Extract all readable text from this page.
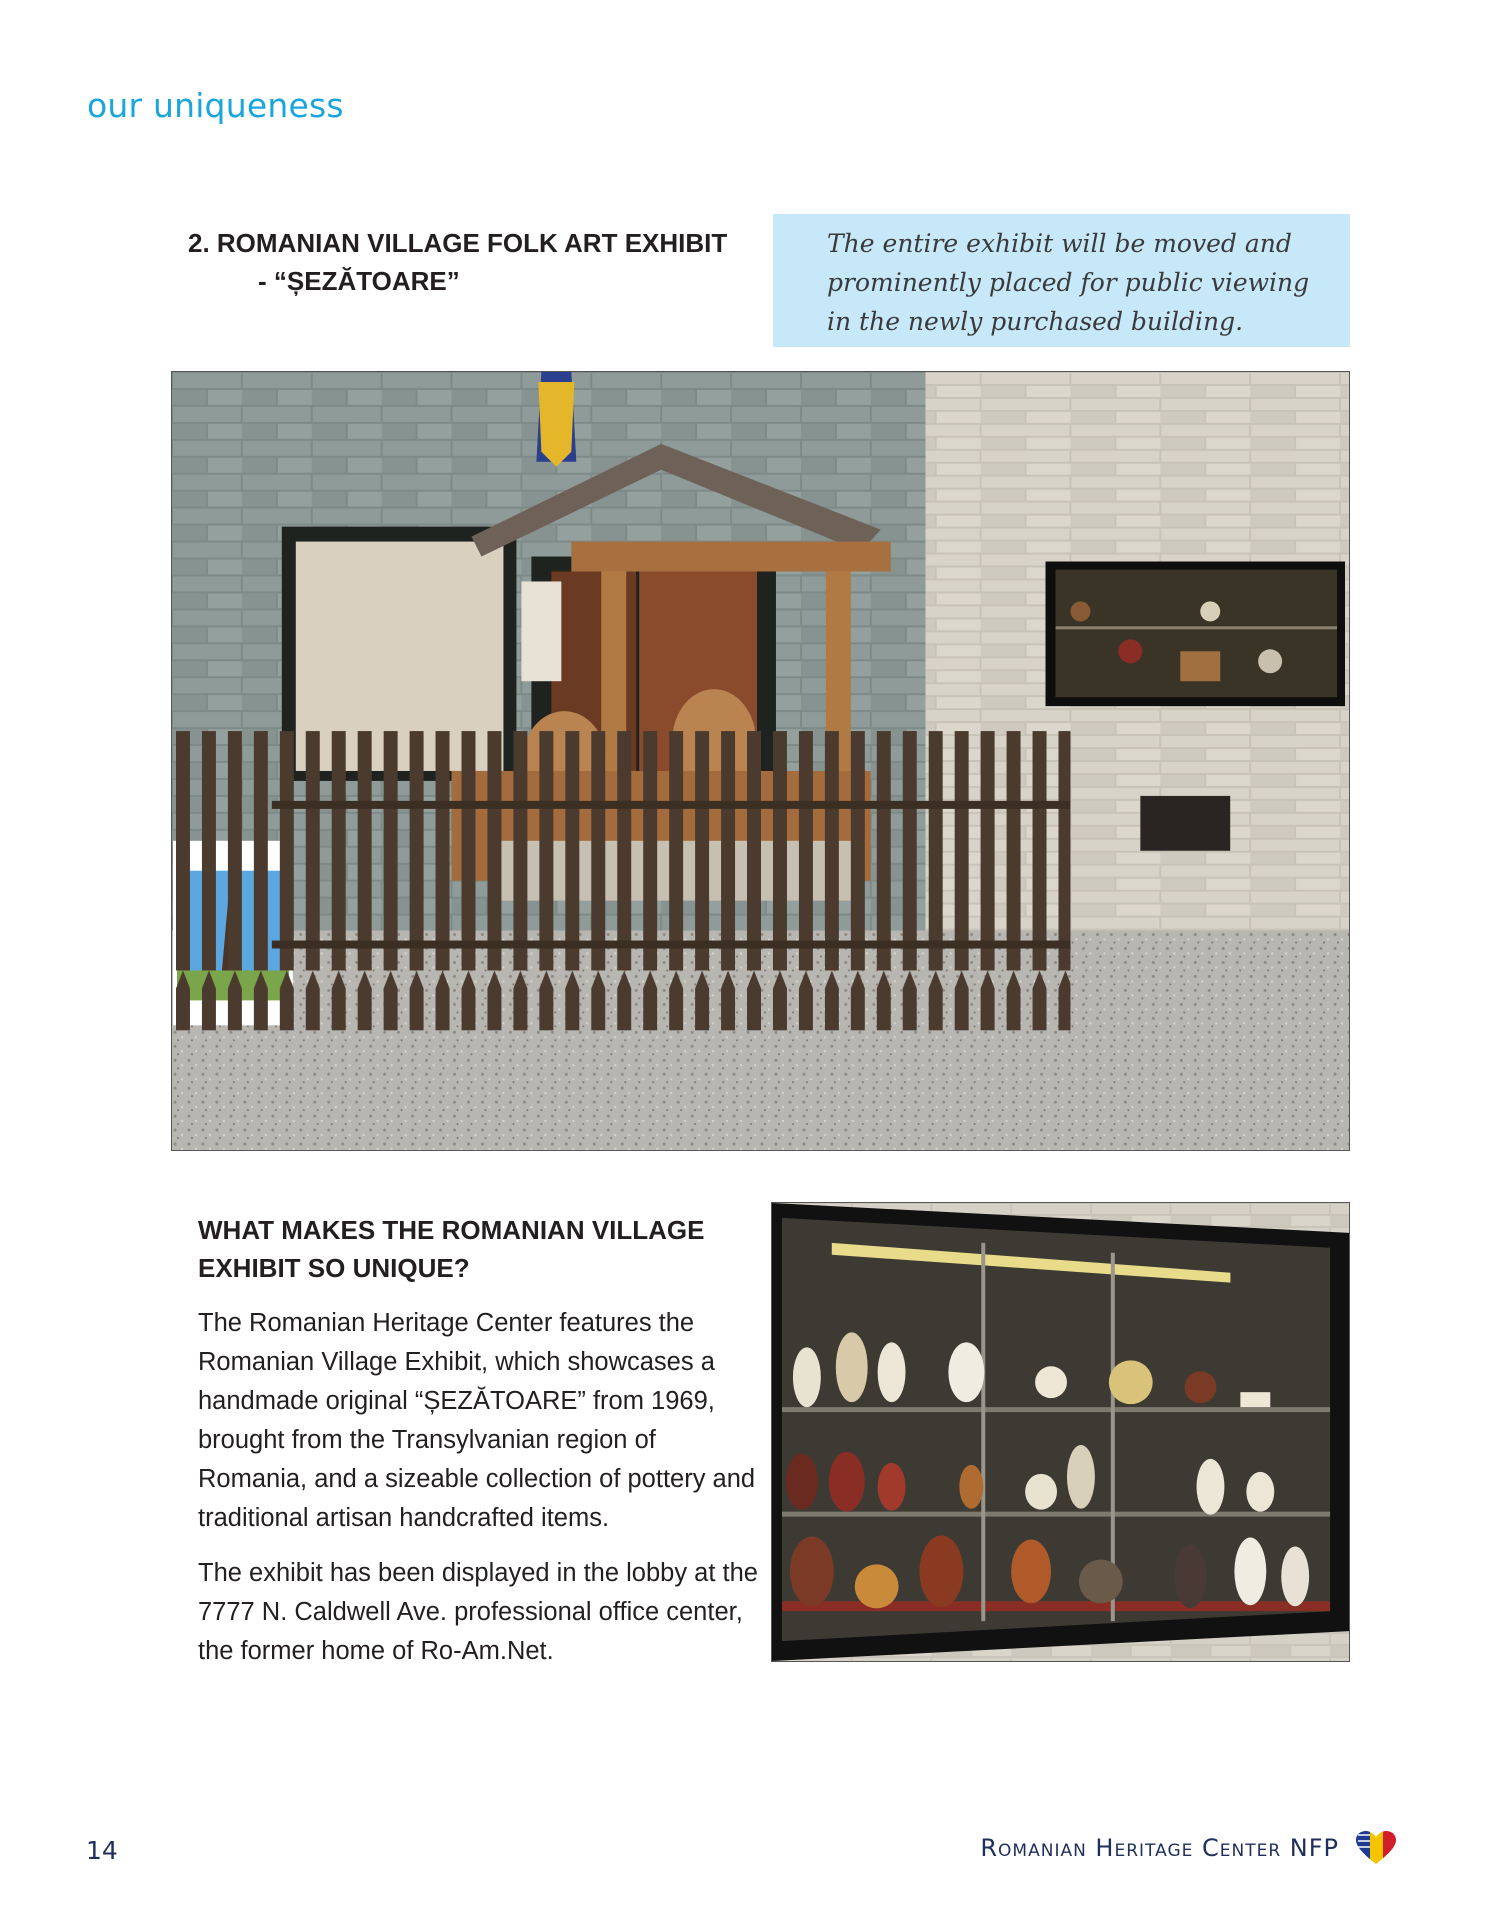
our uniqueness
2. ROMANIAN VILLAGE FOLK ART EXHIBIT
- “ȘEZĂTOARE”

The entire exhibit will be moved and prominently placed for public viewing in the newly purchased building.

WHAT MAKES THE ROMANIAN VILLAGE EXHIBIT SO UNIQUE?

The Romanian Heritage Center features the Romanian Village Exhibit, which showcases a handmade original “ȘEZĂTOARE” from 1969, brought from the Transylvanian region of Romania, and a sizeable collection of pottery and traditional artisan handcrafted items.

The exhibit has been displayed in the lobby at the 7777 N. Caldwell Ave. professional office center, the former home of Ro-Am.Net.

14	Romanian Heritage Center NFP
